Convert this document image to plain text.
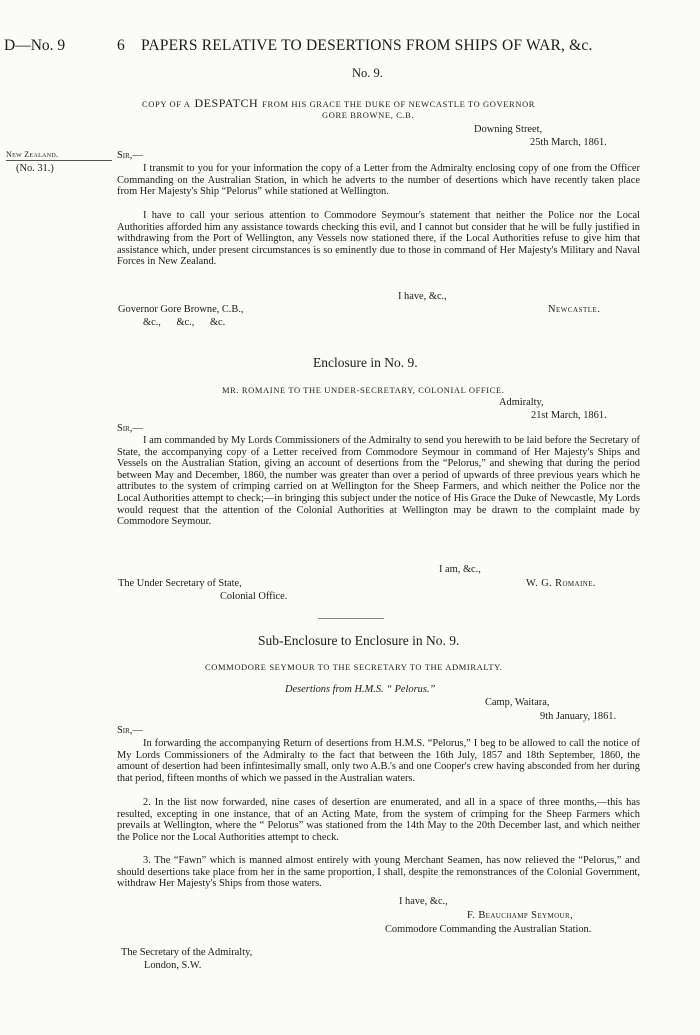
D—No. 9	6 PAPERS RELATIVE TO DESERTIONS FROM SHIPS OF WAR, &c.
No. 9.
COPY OF A DESPATCH FROM HIS GRACE THE DUKE OF NEWCASTLE TO GOVERNOR
GORE BROWNE, C.B.
Downing Street,
25th March, 1861.
New Zealand.
(No. 31.)
Sir,—
I transmit to you for your information the copy of a Letter from the Admiralty enclosing copy of one from the Officer Commanding on the Australian Station, in which he adverts to the number of desertions which have recently taken place from Her Majesty's Ship “Pelorus” while stationed at Wellington.
I have to call your serious attention to Commodore Seymour's statement that neither the Police nor the Local Authorities afforded him any assistance towards checking this evil, and I cannot but consider that he will be fully justified in withdrawing from the Port of Wellington, any Vessels now stationed there, if the Local Authorities refuse to give him that assistance which, under present circumstances is so eminently due to those in command of Her Majesty's Military and Naval Forces in New Zealand.
I have, &c.,
Governor Gore Browne, C.B.,	Newcastle.
&c.,      &c.,      &c.
Enclosure in No. 9.
MR. ROMAINE TO THE UNDER-SECRETARY, COLONIAL OFFICE.
Admiralty,
21st March, 1861.
Sir,—
I am commanded by My Lords Commissioners of the Admiralty to send you herewith to be laid before the Secretary of State, the accompanying copy of a Letter received from Commodore Seymour in command of Her Majesty's Ships and Vessels on the Australian Station, giving an account of desertions from the “Pelorus,” and shewing that during the period between May and December, 1860, the number was greater than over a period of upwards of three previous years which he attributes to the system of crimping carried on at Wellington for the Sheep Farmers, and which neither the Police nor the Local Authorities attempt to check;—in bringing this subject under the notice of His Grace the Duke of Newcastle, My Lords would request that the attention of the Colonial Authorities at Wellington may be drawn to the complaint made by Commodore Seymour.
I am, &c.,
The Under Secretary of State,	W. G. Romaine.
Colonial Office.
Sub-Enclosure to Enclosure in No. 9.
COMMODORE SEYMOUR TO THE SECRETARY TO THE ADMIRALTY.
Desertions from H.M.S. “ Pelorus.”
Camp, Waitara,
9th January, 1861.
Sir,—
In forwarding the accompanying Return of desertions from H.M.S. “Pelorus,” I beg to be allowed to call the notice of My Lords Commissioners of the Admiralty to the fact that between the 16th July, 1857 and 18th September, 1860, the amount of desertion had been infintesimally small, only two A.B.'s and one Cooper's crew having absconded from her during that period, fifteen months of which we passed in the Australian waters.
2. In the list now forwarded, nine cases of desertion are enumerated, and all in a space of three months,—this has resulted, excepting in one instance, that of an Acting Mate, from the system of crimping for the Sheep Farmers which prevails at Wellington, where the “ Pelorus” was stationed from the 14th May to the 20th December last, and which neither the Police nor the Local Authorities attempt to check.
3. The “Fawn” which is manned almost entirely with young Merchant Seamen, has now relieved the “Pelorus,” and should desertions take place from her in the same proportion, I shall, despite the remonstrances of the Colonial Government, withdraw Her Majesty's Ships from those waters.
I have, &c.,
F. Beauchamp Seymour,
Commodore Commanding the Australian Station.
The Secretary of the Admiralty,
London, S.W.
